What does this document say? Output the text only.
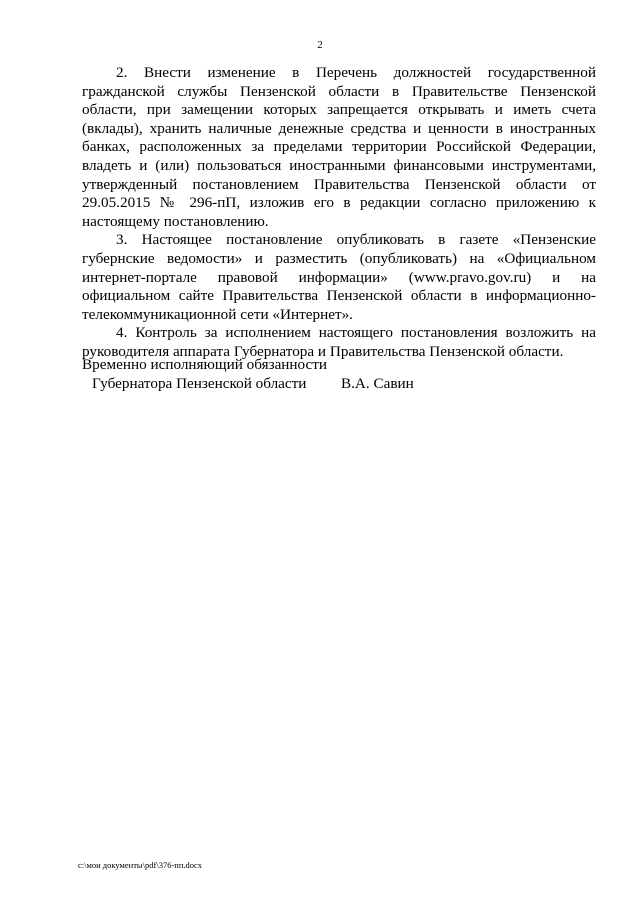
2

2. Внести изменение в Перечень должностей государственной гражданской службы Пензенской области в Правительстве Пензенской области, при замещении которых запрещается открывать и иметь счета (вклады), хранить наличные денежные средства и ценности в иностранных банках, расположенных за пределами территории Российской Федерации, владеть и (или) пользоваться иностранными финансовыми инструментами, утвержденный постановлением Правительства Пензенской области от 29.05.2015 № 296-пП, изложив его в редакции согласно приложению к настоящему постановлению.

3. Настоящее постановление опубликовать в газете «Пензенские губернские ведомости» и разместить (опубликовать) на «Официальном интернет-портале правовой информации» (www.pravo.gov.ru) и на официальном сайте Правительства Пензенской области в информационно-телекоммуникационной сети «Интернет».

4. Контроль за исполнением настоящего постановления возложить на руководителя аппарата Губернатора и Правительства Пензенской области.

Временно исполняющий обязанности
Губернатора Пензенской области В.А. Савин
c:\мои документы\pdf\376-пп.docx
